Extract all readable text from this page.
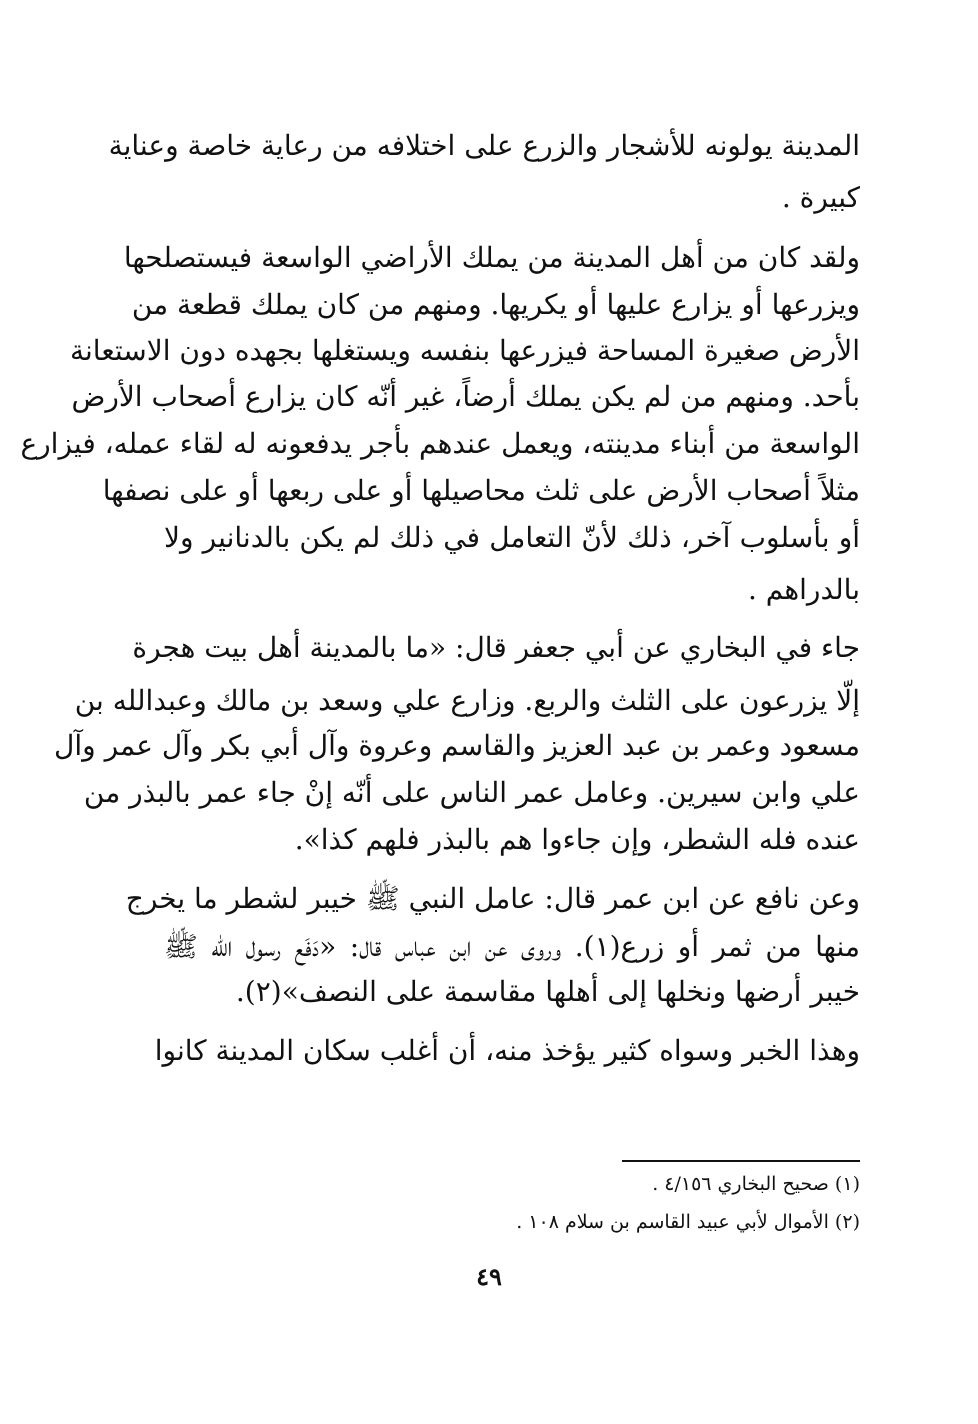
المدينة يولونه للأشجار والزرع على اختلافه من رعاية خاصة وعناية
كبيرة .
ولقد كان من أهل المدينة من يملك الأراضي الواسعة فيستصلحها
ويزرعها أو يزارع عليها أو يكريها. ومنهم من كان يملك قطعة من
الأرض صغيرة المساحة فيزرعها بنفسه ويستغلها بجهده دون الاستعانة
بأحد. ومنهم من لم يكن يملك أرضاً، غير أنّه كان يزارع أصحاب الأرض
الواسعة من أبناء مدينته، ويعمل عندهم بأجر يدفعونه له لقاء عمله، فيزارع
مثلاً أصحاب الأرض على ثلث محاصيلها أو على ربعها أو على نصفها
أو بأسلوب آخر، ذلك لأنّ التعامل في ذلك لم يكن بالدنانير ولا
بالدراهم .
جاء في البخاري عن أبي جعفر قال: «ما بالمدينة أهل بيت هجرة
إلّا يزرعون على الثلث والربع. وزارع علي وسعد بن مالك وعبدالله بن
مسعود وعمر بن عبد العزيز والقاسم وعروة وآل أبي بكر وآل عمر وآل
علي وابن سيرين. وعامل عمر الناس على أنّه إنْ جاء عمر بالبذر من
عنده فله الشطر، وإن جاءوا هم بالبذر فلهم كذا».
وعن نافع عن ابن عمر قال: عامل النبي ﷺ خيبر لشطر ما يخرج
منها من ثمر أو زرع(١). وروى عن ابن عباس قال: «دَفَع رسول الله ﷺ
خيبر أرضها ونخلها إلى أهلها مقاسمة على النصف»(٢).
وهذا الخبر وسواه كثير يؤخذ منه، أن أغلب سكان المدينة كانوا
(١) صحيح البخاري ٤/١٥٦ .
(٢) الأموال لأبي عبيد القاسم بن سلام ١٠٨ .
٤٩
